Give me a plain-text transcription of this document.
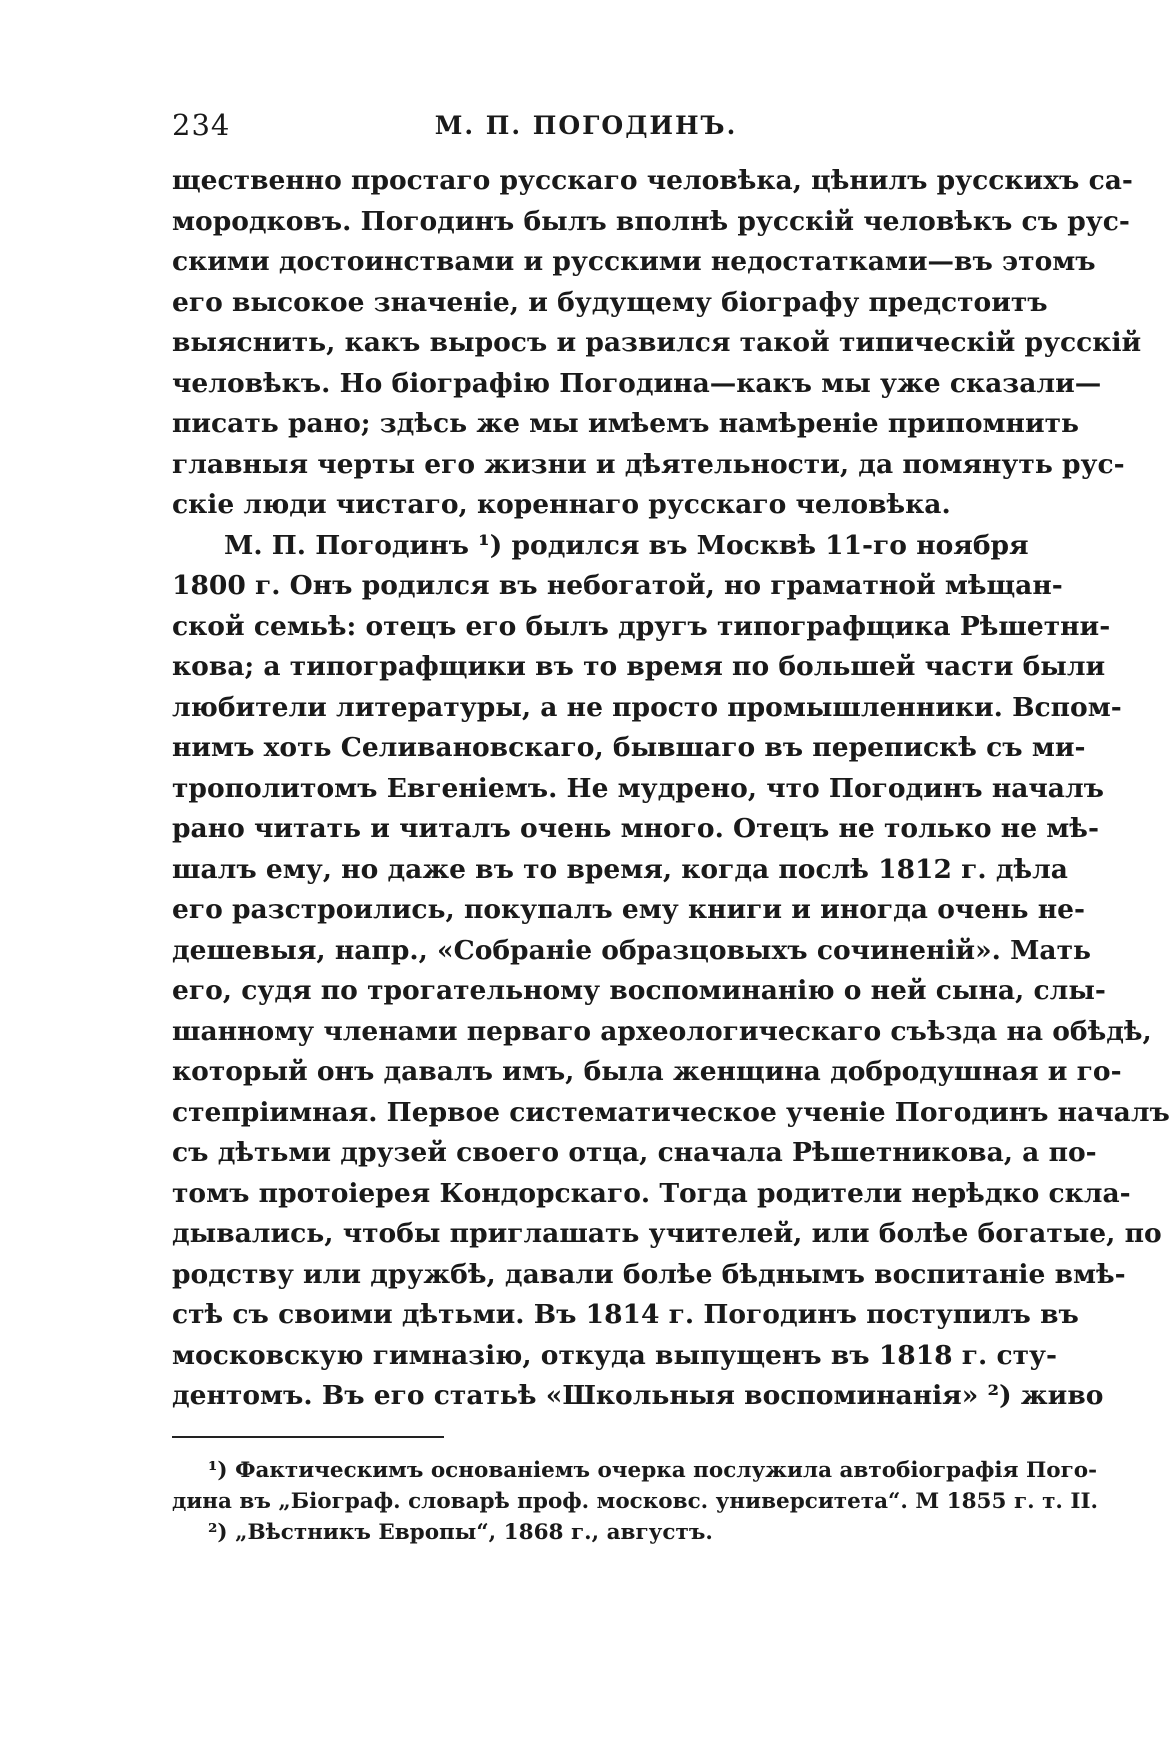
234	М. П. ПОГОДИНЪ.
щественно простаго русскаго человѣка, цѣнилъ русскихъ са-
мородковъ. Погодинъ былъ вполнѣ русскій человѣкъ съ рус-
скими достоинствами и русскими недостатками—въ этомъ
его высокое значеніе, и будущему біографу предстоитъ
выяснить, какъ выросъ и развился такой типическій русскій
человѣкъ. Но біографію Погодина—какъ мы уже сказали—
писать рано; здѣсь же мы имѣемъ намѣреніе припомнить
главныя черты его жизни и дѣятельности, да помянуть рус-
скіе люди чистаго, кореннаго русскаго человѣка.
М. П. Погодинъ ¹) родился въ Москвѣ 11-го ноября
1800 г. Онъ родился въ небогатой, но граматной мѣщан-
ской семьѣ: отецъ его былъ другъ типографщика Рѣшетни-
кова; а типографщики въ то время по большей части были
любители литературы, а не просто промышленники. Вспом-
нимъ хоть Селивановскаго, бывшаго въ перепискѣ съ ми-
трополитомъ Евгеніемъ. Не мудрено, что Погодинъ началъ
рано читать и читалъ очень много. Отецъ не только не мѣ-
шалъ ему, но даже въ то время, когда послѣ 1812 г. дѣла
его разстроились, покупалъ ему книги и иногда очень не-
дешевыя, напр., «Собраніе образцовыхъ сочиненій». Мать
его, судя по трогательному воспоминанію о ней сына, слы-
шанному членами перваго археологическаго съѣзда на обѣдѣ,
который онъ давалъ имъ, была женщина добродушная и го-
степріимная. Первое систематическое ученіе Погодинъ началъ
съ дѣтьми друзей своего отца, сначала Рѣшетникова, а по-
томъ протоіерея Кондорскаго. Тогда родители нерѣдко скла-
дывались, чтобы приглашать учителей, или болѣе богатые, по
родству или дружбѣ, давали болѣе бѣднымъ воспитаніе вмѣ-
стѣ съ своими дѣтьми. Въ 1814 г. Погодинъ поступилъ въ
московскую гимназію, откуда выпущенъ въ 1818 г. сту-
дентомъ. Въ его статьѣ «Школьныя воспоминанія» ²) живо
¹) Фактическимъ основаніемъ очерка послужила автобіографія Пого-
дина въ „Біограф. словарѣ проф. московс. университета“. М 1855 г. т. II.
²) „Вѣстникъ Европы“, 1868 г., августъ.
